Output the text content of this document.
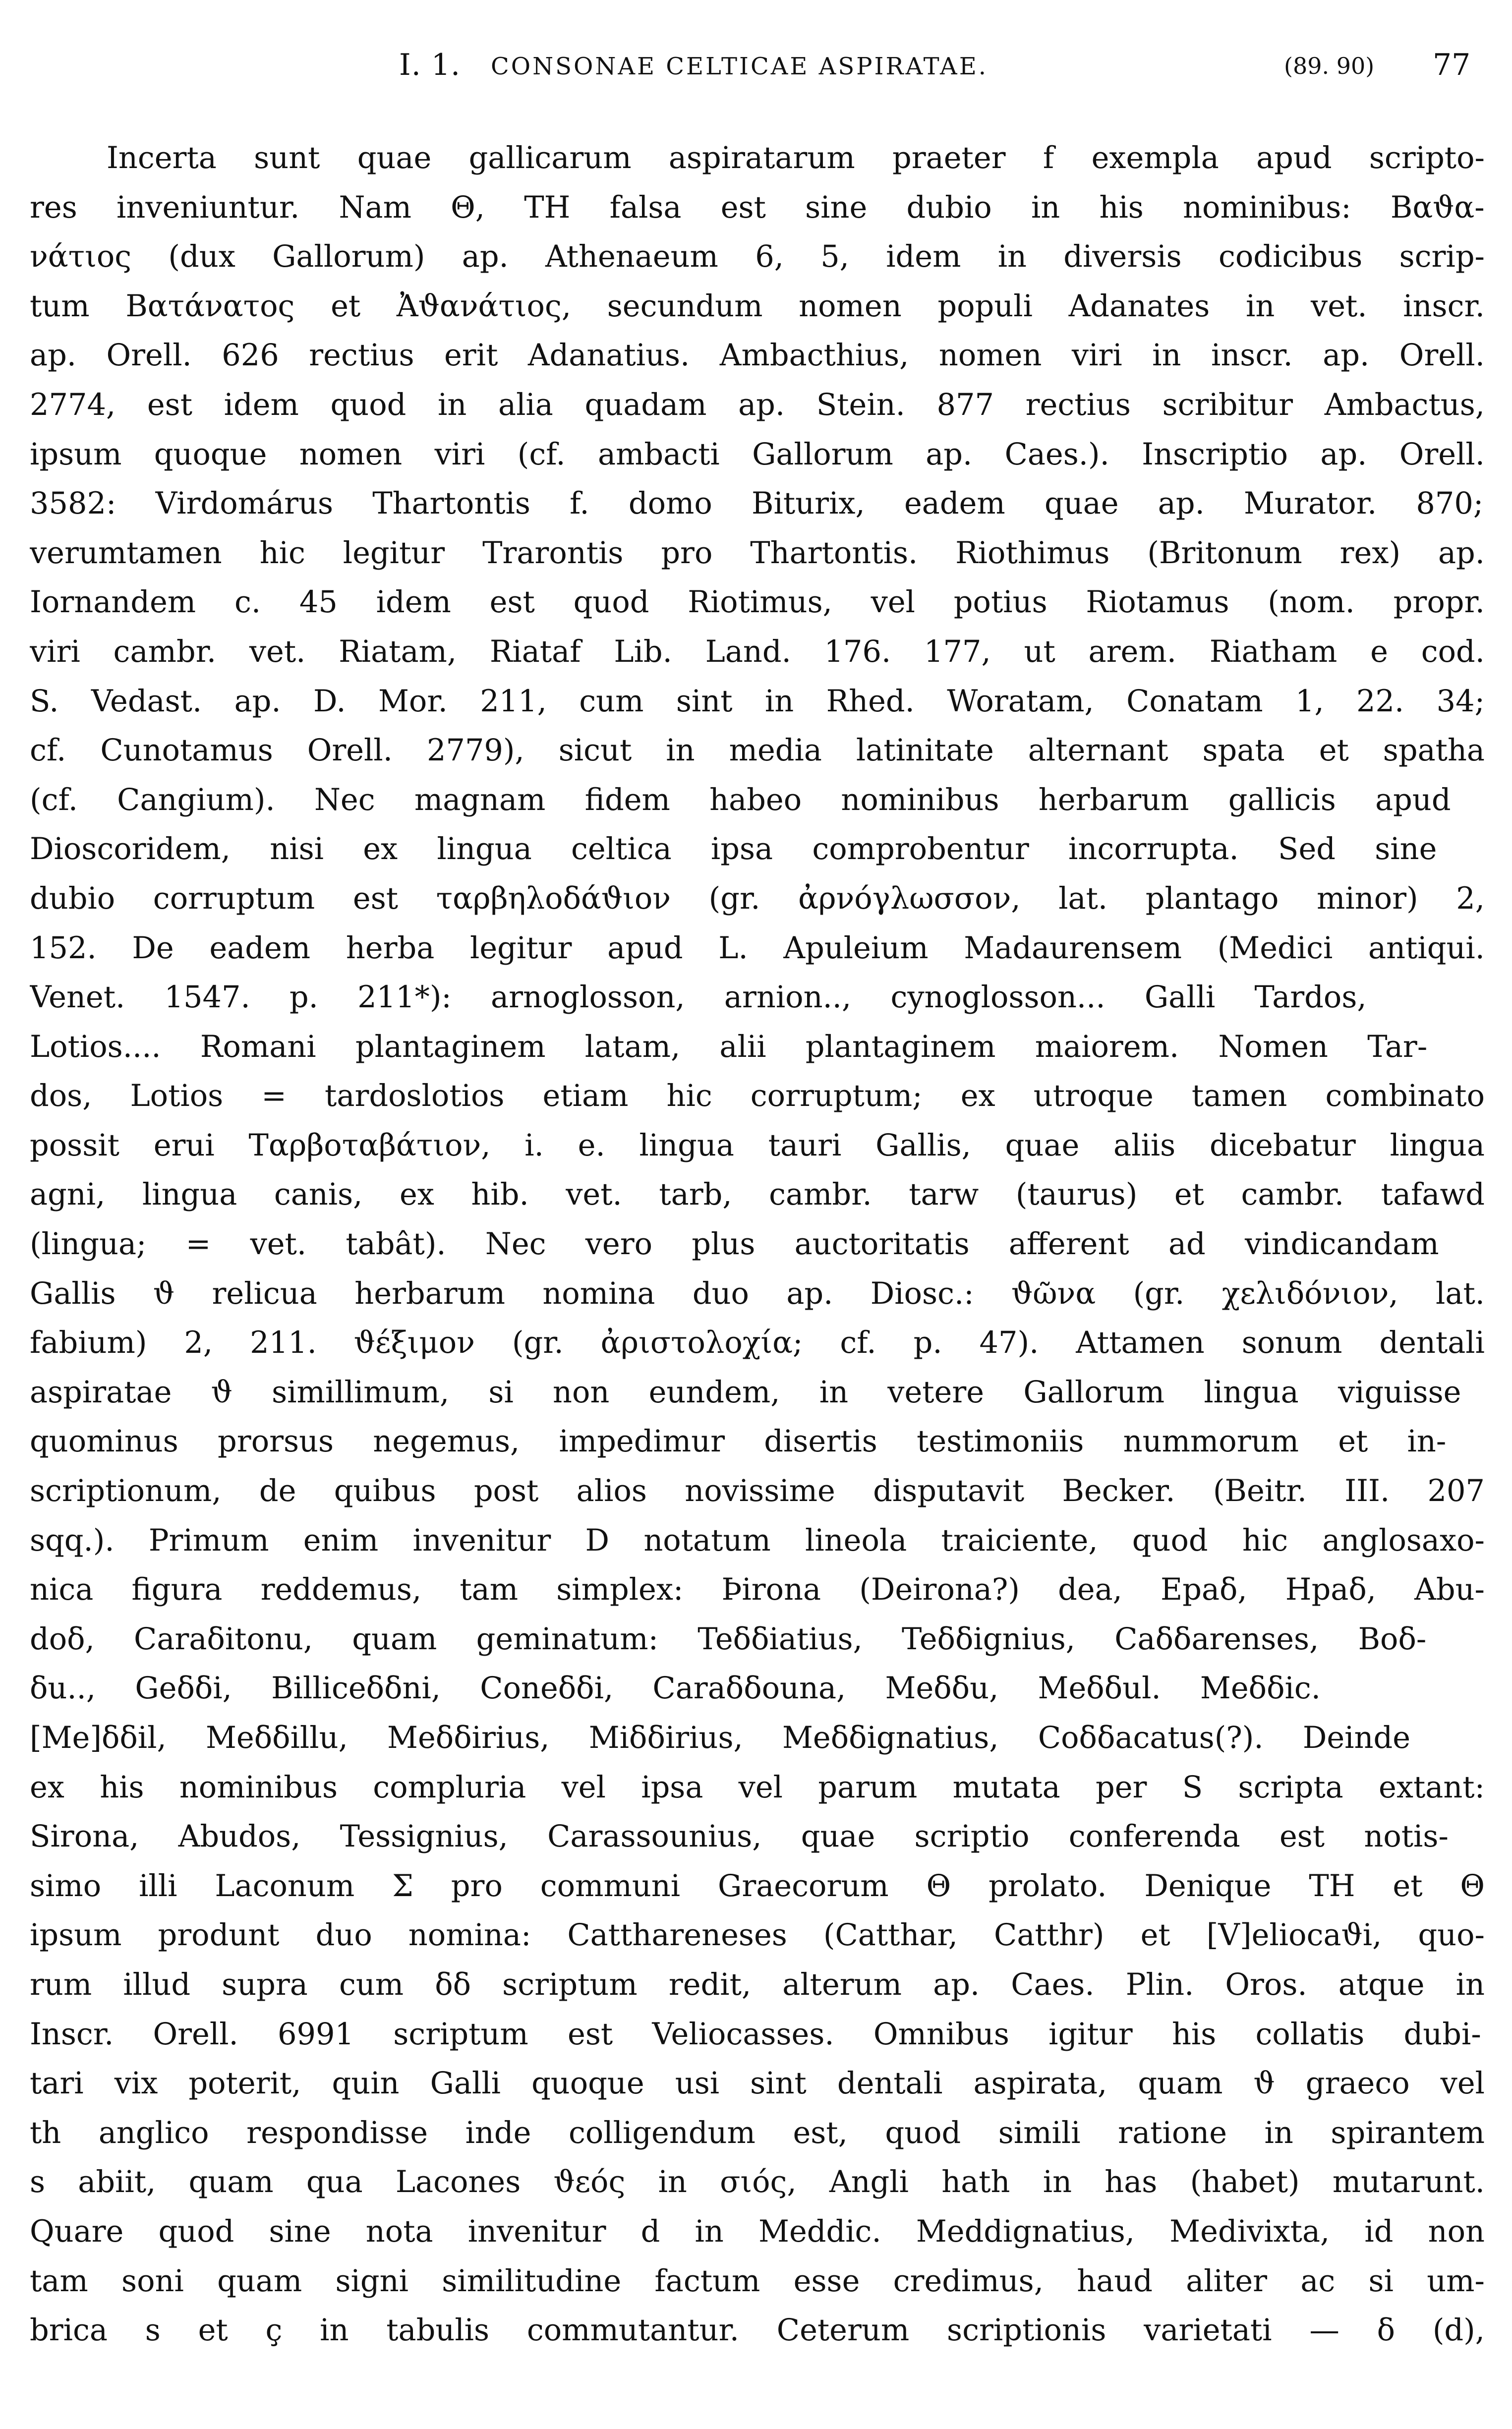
I. 1. CONSONAE CELTICAE ASPIRATAE.	(89. 90) 77
Incerta sunt quae gallicarum aspiratarum praeter f exempla apud scripto-
res inveniuntur. Nam Θ, TH falsa est sine dubio in his nominibus: Βαϑα-
νάτιος (dux Gallorum) ap. Athenaeum 6, 5, idem in diversis codicibus scrip-
tum Βατάνατος et Ἀϑανάτιος, secundum nomen populi Adanates in vet. inscr.
ap. Orell. 626 rectius erit Adanatius. Ambacthius, nomen viri in inscr. ap. Orell.
2774, est idem quod in alia quadam ap. Stein. 877 rectius scribitur Ambactus,
ipsum quoque nomen viri (cf. ambacti Gallorum ap. Caes.). Inscriptio ap. Orell.
3582: Virdomárus Thartontis f. domo Biturix, eadem quae ap. Murator. 870;
verumtamen hic legitur Trarontis pro Thartontis. Riothimus (Britonum rex) ap.
Iornandem c. 45 idem est quod Riotimus, vel potius Riotamus (nom. propr.
viri cambr. vet. Riatam, Riataf Lib. Land. 176. 177, ut arem. Riatham e cod.
S. Vedast. ap. D. Mor. 211, cum sint in Rhed. Woratam, Conatam 1, 22. 34;
cf. Cunotamus Orell. 2779), sicut in media latinitate alternant spata et spatha
(cf. Cangium). Nec magnam fidem habeo nominibus herbarum gallicis apud
Dioscoridem, nisi ex lingua celtica ipsa comprobentur incorrupta. Sed sine
dubio corruptum est ταρβηλοδάϑιον (gr. ἀρνόγλωσσον, lat. plantago minor) 2,
152. De eadem herba legitur apud L. Apuleium Madaurensem (Medici antiqui.
Venet. 1547. p. 211*): arnoglosson, arnion.., cynoglosson... Galli Tardos,
Lotios.... Romani plantaginem latam, alii plantaginem maiorem. Nomen Tar-
dos, Lotios = tardoslotios etiam hic corruptum; ex utroque tamen combinato
possit erui Ταρβοταβάτιον, i. e. lingua tauri Gallis, quae aliis dicebatur lingua
agni, lingua canis, ex hib. vet. tarb, cambr. tarw (taurus) et cambr. tafawd
(lingua; = vet. tabât). Nec vero plus auctoritatis afferent ad vindicandam
Gallis ϑ relicua herbarum nomina duo ap. Diosc.: ϑῶνα (gr. χελιδόνιον, lat.
fabium) 2, 211. ϑέξιμον (gr. ἀριστολοχία; cf. p. 47). Attamen sonum dentali
aspiratae ϑ simillimum, si non eundem, in vetere Gallorum lingua viguisse
quominus prorsus negemus, impedimur disertis testimoniis nummorum et in-
scriptionum, de quibus post alios novissime disputavit Becker. (Beitr. III. 207
sqq.). Primum enim invenitur D notatum lineola traiciente, quod hic anglosaxo-
nica figura reddemus, tam simplex: Þirona (Deirona?) dea, Epaδ, Hpaδ, Abu-
doδ, Caraδitonu, quam geminatum: Teδδiatius, Teδδignius, Caδδarenses, Boδ-
δu.., Geδδi, Billiceδδni, Coneδδi, Caraδδouna, Meδδu, Meδδul. Meδδic.
[Me]δδil, Meδδillu, Meδδirius, Miδδirius, Meδδignatius, Coδδacatus(?). Deinde
ex his nominibus compluria vel ipsa vel parum mutata per S scripta extant:
Sirona, Abudos, Tessignius, Carassounius, quae scriptio conferenda est notis-
simo illi Laconum Σ pro communi Graecorum Θ prolato. Denique TH et Θ
ipsum produnt duo nomina: Catthareneses (Catthar, Catthr) et [V]eliocaϑi, quo-
rum illud supra cum δδ scriptum redit, alterum ap. Caes. Plin. Oros. atque in
Inscr. Orell. 6991 scriptum est Veliocasses. Omnibus igitur his collatis dubi-
tari vix poterit, quin Galli quoque usi sint dentali aspirata, quam ϑ graeco vel
th anglico respondisse inde colligendum est, quod simili ratione in spirantem
s abiit, quam qua Lacones ϑεός in σιός, Angli hath in has (habet) mutarunt.
Quare quod sine nota invenitur d in Meddic. Meddignatius, Medivixta, id non
tam soni quam signi similitudine factum esse credimus, haud aliter ac si um-
brica s et ç in tabulis commutantur. Ceterum scriptionis varietati — δ (d),
